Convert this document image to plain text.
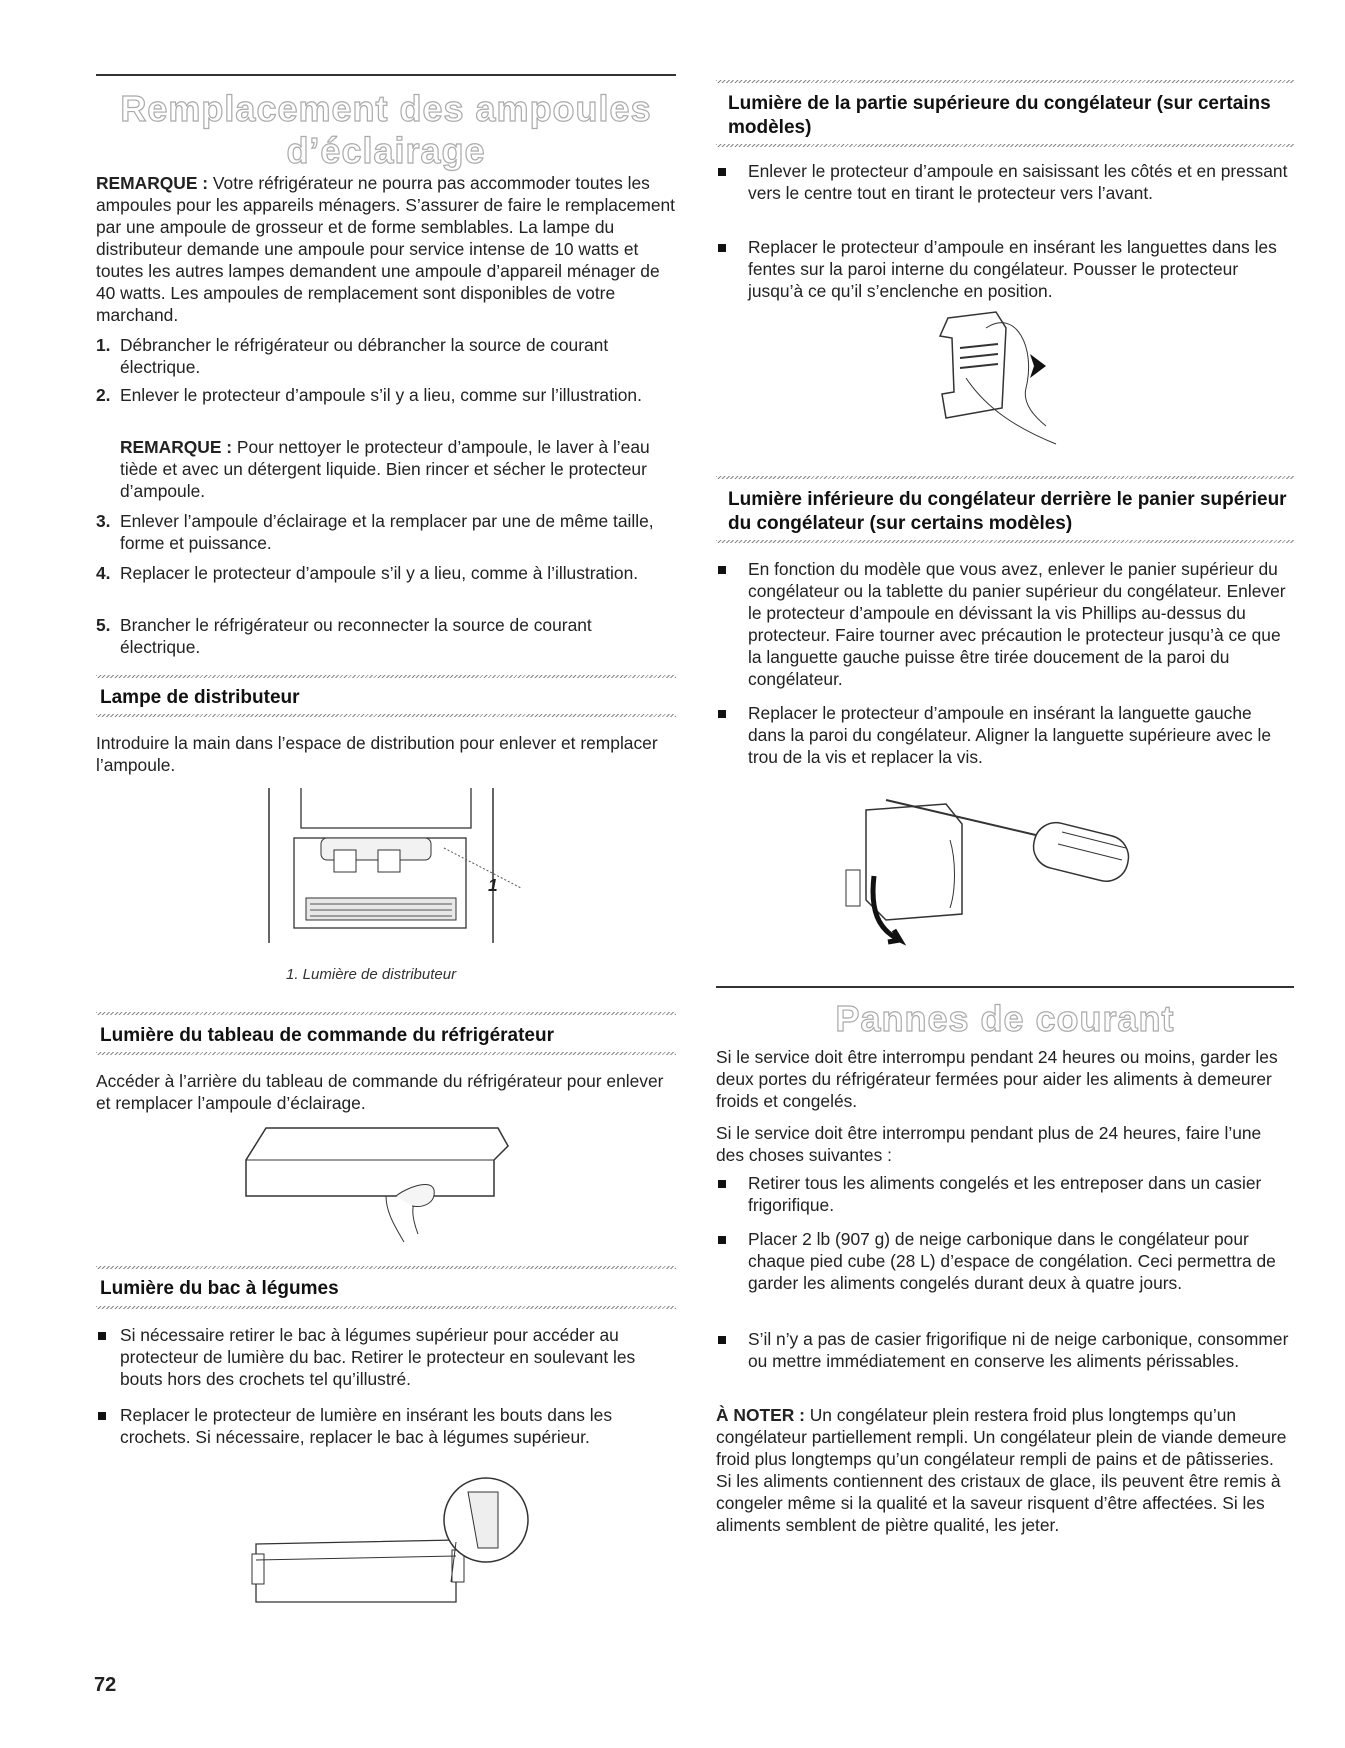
Remplacement des ampoules
d’éclairage

REMARQUE : Votre réfrigérateur ne pourra pas accommoder toutes les ampoules pour les appareils ménagers. S’assurer de faire le remplacement par une ampoule de grosseur et de forme semblables. La lampe du distributeur demande une ampoule pour service intense de 10 watts et toutes les autres lampes demandent une ampoule d’appareil ménager de 40 watts. Les ampoules de remplacement sont disponibles de votre marchand.

1. Débrancher le réfrigérateur ou débrancher la source de courant électrique.

2. Enlever le protecteur d’ampoule s’il y a lieu, comme sur l’illustration.

REMARQUE : Pour nettoyer le protecteur d’ampoule, le laver à l’eau tiède et avec un détergent liquide. Bien rincer et sécher le protecteur d’ampoule.

3. Enlever l’ampoule d’éclairage et la remplacer par une de même taille, forme et puissance.

4. Replacer le protecteur d’ampoule s’il y a lieu, comme à l’illustration.

5. Brancher le réfrigérateur ou reconnecter la source de courant électrique.

Lampe de distributeur

Introduire la main dans l’espace de distribution pour enlever et remplacer l’ampoule.

1
1. Lumière de distributeur
Lumière du tableau de commande du réfrigérateur

Accéder à l’arrière du tableau de commande du réfrigérateur pour enlever et remplacer l’ampoule d’éclairage.

Lumière du bac à légumes

Si nécessaire retirer le bac à légumes supérieur pour accéder au protecteur de lumière du bac. Retirer le protecteur en soulevant les bouts hors des crochets tel qu’illustré.

Replacer le protecteur de lumière en insérant les bouts dans les crochets. Si nécessaire, replacer le bac à légumes supérieur.

Lumière de la partie supérieure du congélateur (sur certains modèles)

Enlever le protecteur d’ampoule en saisissant les côtés et en pressant vers le centre tout en tirant le protecteur vers l’avant.

Replacer le protecteur d’ampoule en insérant les languettes dans les fentes sur la paroi interne du congélateur. Pousser le protecteur jusqu’à ce qu’il s’enclenche en position.

Lumière inférieure du congélateur derrière le panier supérieur du congélateur (sur certains modèles)

En fonction du modèle que vous avez, enlever le panier supérieur du congélateur ou la tablette du panier supérieur du congélateur. Enlever le protecteur d’ampoule en dévissant la vis Phillips au-dessus du protecteur. Faire tourner avec précaution le protecteur jusqu’à ce que la languette gauche puisse être tirée doucement de la paroi du congélateur.

Replacer le protecteur d’ampoule en insérant la languette gauche dans la paroi du congélateur. Aligner la languette supérieure avec le trou de la vis et replacer la vis.

Pannes de courant

Si le service doit être interrompu pendant 24 heures ou moins, garder les deux portes du réfrigérateur fermées pour aider les aliments à demeurer froids et congelés.

Si le service doit être interrompu pendant plus de 24 heures, faire l’une des choses suivantes :

Retirer tous les aliments congelés et les entreposer dans un casier frigorifique.

Placer 2 lb (907 g) de neige carbonique dans le congélateur pour chaque pied cube (28 L) d’espace de congélation. Ceci permettra de garder les aliments congelés durant deux à quatre jours.

S’il n’y a pas de casier frigorifique ni de neige carbonique, consommer ou mettre immédiatement en conserve les aliments périssables.

À NOTER : Un congélateur plein restera froid plus longtemps qu’un congélateur partiellement rempli. Un congélateur plein de viande demeure froid plus longtemps qu’un congélateur rempli de pains et de pâtisseries. Si les aliments contiennent des cristaux de glace, ils peuvent être remis à congeler même si la qualité et la saveur risquent d’être affectées. Si les aliments semblent de piètre qualité, les jeter.

72
